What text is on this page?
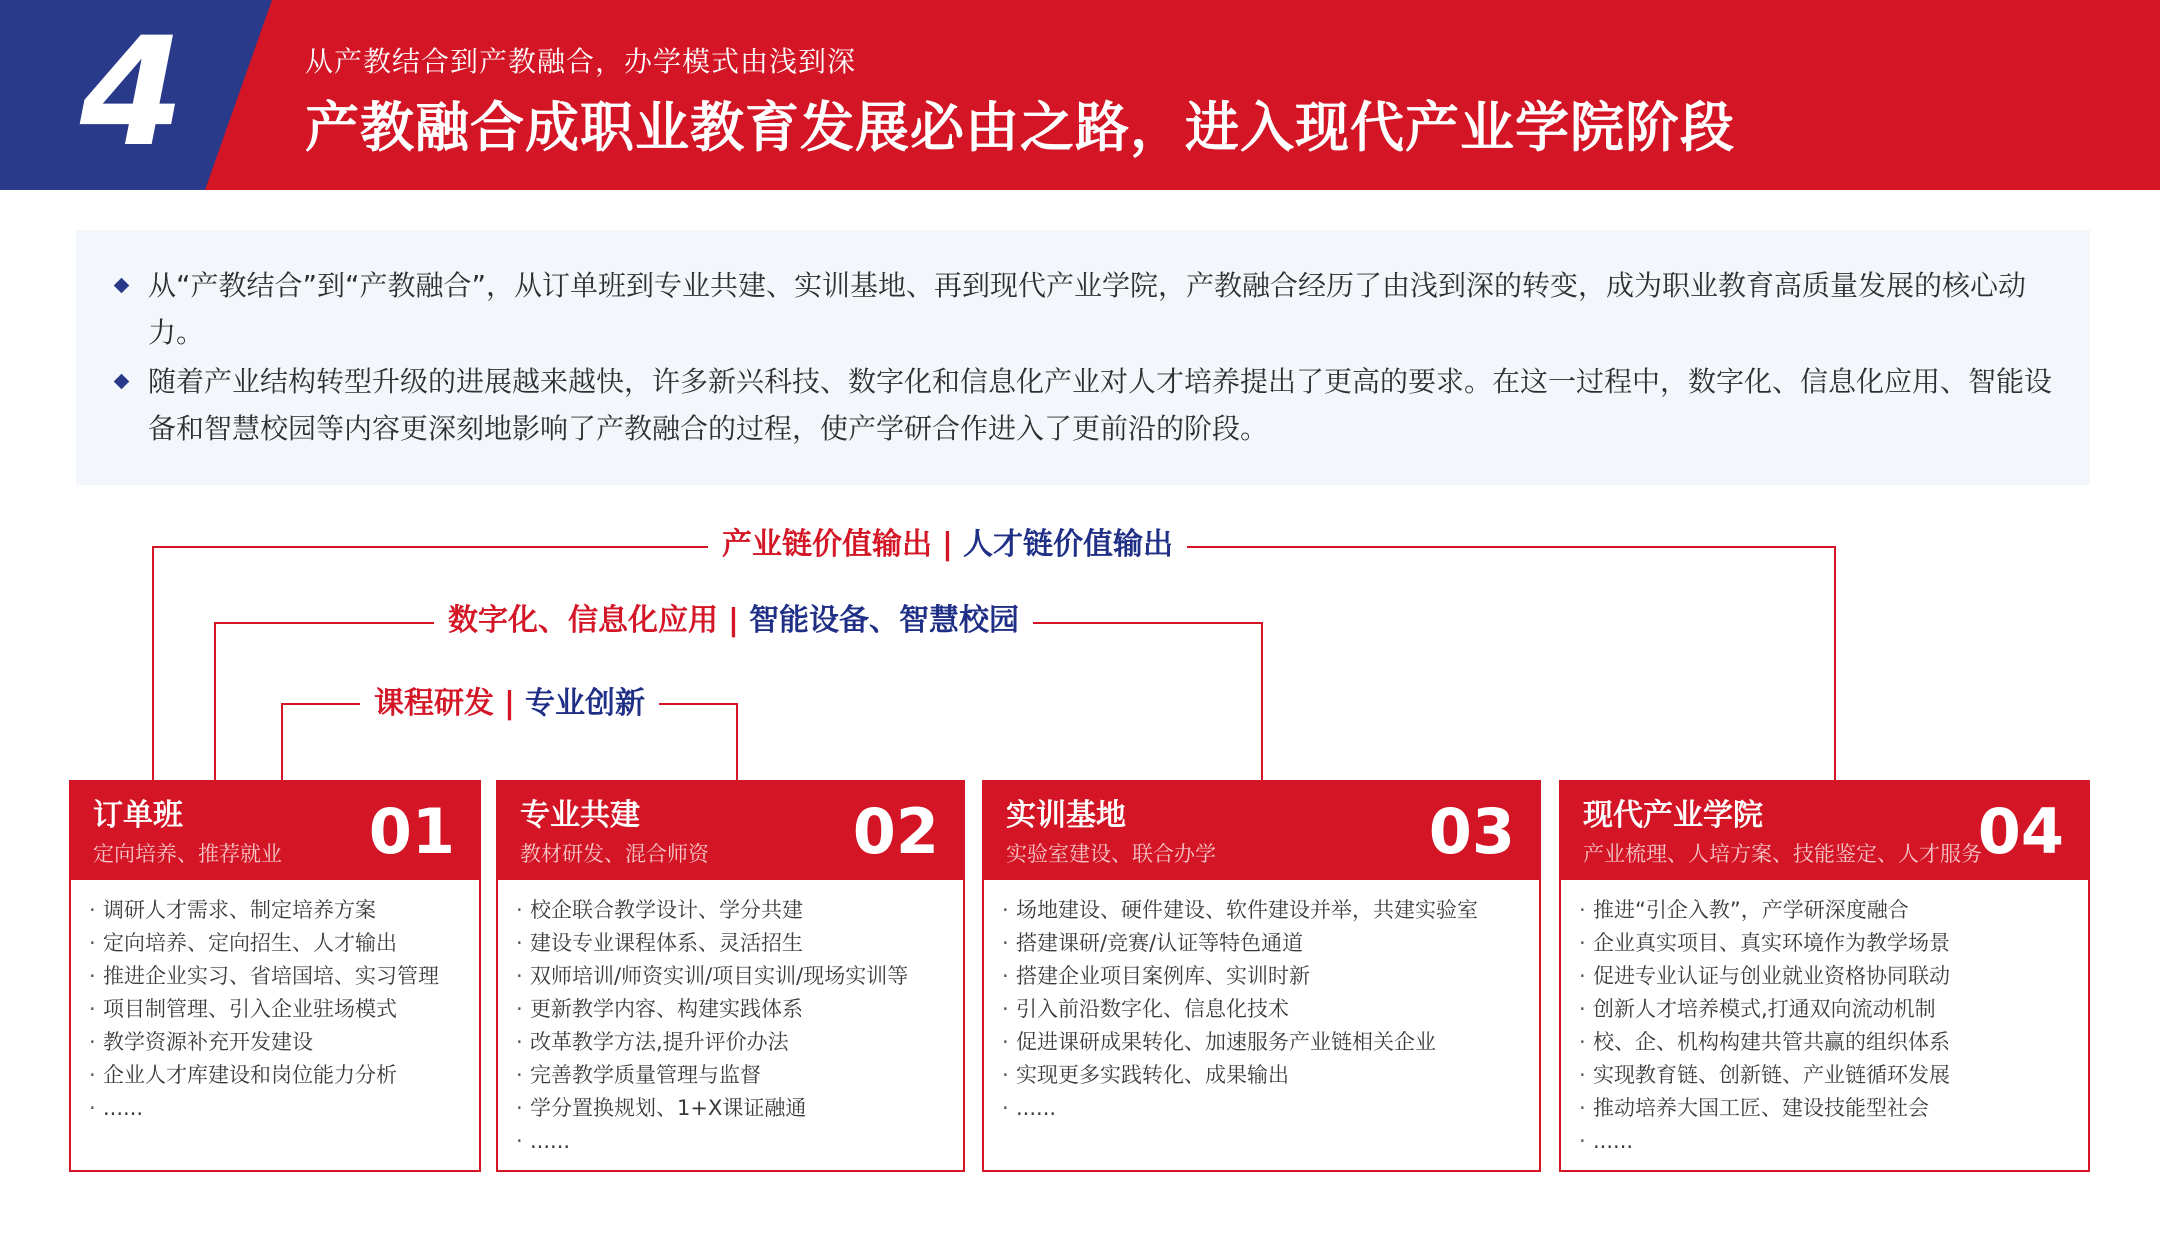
4	从产教结合到产教融合，办学模式由浅到深
产教融合成职业教育发展必由之路，进入现代产业学院阶段
从“产教结合”到“产教融合”，从订单班到专业共建、实训基地、再到现代产业学院，产教融合经历了由浅到深的转变，成为职业教育高质量发展的核心动力。
随着产业结构转型升级的进展越来越快，许多新兴科技、数字化和信息化产业对人才培养提出了更高的要求。在这一过程中，数字化、信息化应用、智能设备和智慧校园等内容更深刻地影响了产教融合的过程，使产学研合作进入了更前沿的阶段。
产业链价值输出 | 人才链价值输出
数字化、信息化应用 | 智能设备、智慧校园
课程研发 | 专业创新
订单班
定向培养、推荐就业 01
· 调研人才需求、制定培养方案
· 定向培养、定向招生、人才输出
· 推进企业实习、省培国培、实习管理
· 项目制管理、引入企业驻场模式
· 教学资源补充开发建设
· 企业人才库建设和岗位能力分析
· ......
专业共建
教材研发、混合师资 02
· 校企联合教学设计、学分共建
· 建设专业课程体系、灵活招生
· 双师培训/师资实训/项目实训/现场实训等
· 更新教学内容、构建实践体系
· 改革教学方法,提升评价办法
· 完善教学质量管理与监督
· 学分置换规划、1+X课证融通
· ......
实训基地
实验室建设、联合办学	03
· 场地建设、硬件建设、软件建设并举，共建实验室
· 搭建课研/竞赛/认证等特色通道
· 搭建企业项目案例库、实训时新
· 引入前沿数字化、信息化技术
· 促进课研成果转化、加速服务产业链相关企业
· 实现更多实践转化、成果输出
· ......
现代产业学院
产业梳理、人培方案、技能鉴定、人才服务
04
· 推进“引企入教”，产学研深度融合
· 企业真实项目、真实环境作为教学场景
· 促进专业认证与创业就业资格协同联动
· 创新人才培养模式,打通双向流动机制
· 校、企、机构构建共管共赢的组织体系
· 实现教育链、创新链、产业链循环发展
· 推动培养大国工匠、建设技能型社会
· ......
